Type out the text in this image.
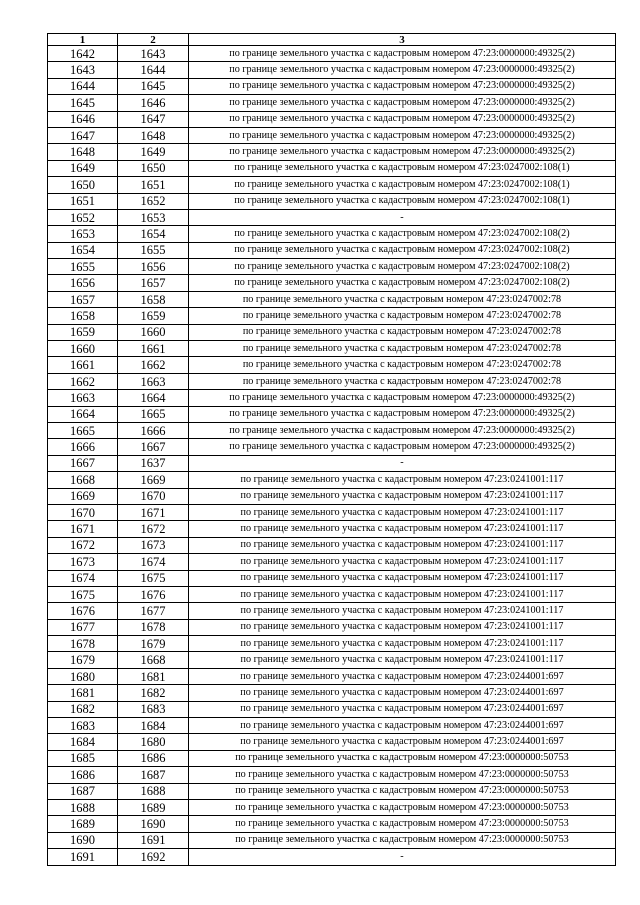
1	2	3
1642	1643	по границе земельного участка с кадастровым номером 47:23:0000000:49325(2)
1643	1644	по границе земельного участка с кадастровым номером 47:23:0000000:49325(2)
1644	1645	по границе земельного участка с кадастровым номером 47:23:0000000:49325(2)
1645	1646	по границе земельного участка с кадастровым номером 47:23:0000000:49325(2)
1646	1647	по границе земельного участка с кадастровым номером 47:23:0000000:49325(2)
1647	1648	по границе земельного участка с кадастровым номером 47:23:0000000:49325(2)
1648	1649	по границе земельного участка с кадастровым номером 47:23:0000000:49325(2)
1649	1650	по границе земельного участка с кадастровым номером 47:23:0247002:108(1)
1650	1651	по границе земельного участка с кадастровым номером 47:23:0247002:108(1)
1651	1652	по границе земельного участка с кадастровым номером 47:23:0247002:108(1)
1652	1653	-
1653	1654	по границе земельного участка с кадастровым номером 47:23:0247002:108(2)
1654	1655	по границе земельного участка с кадастровым номером 47:23:0247002:108(2)
1655	1656	по границе земельного участка с кадастровым номером 47:23:0247002:108(2)
1656	1657	по границе земельного участка с кадастровым номером 47:23:0247002:108(2)
1657	1658	по границе земельного участка с кадастровым номером 47:23:0247002:78
1658	1659	по границе земельного участка с кадастровым номером 47:23:0247002:78
1659	1660	по границе земельного участка с кадастровым номером 47:23:0247002:78
1660	1661	по границе земельного участка с кадастровым номером 47:23:0247002:78
1661	1662	по границе земельного участка с кадастровым номером 47:23:0247002:78
1662	1663	по границе земельного участка с кадастровым номером 47:23:0247002:78
1663	1664	по границе земельного участка с кадастровым номером 47:23:0000000:49325(2)
1664	1665	по границе земельного участка с кадастровым номером 47:23:0000000:49325(2)
1665	1666	по границе земельного участка с кадастровым номером 47:23:0000000:49325(2)
1666	1667	по границе земельного участка с кадастровым номером 47:23:0000000:49325(2)
1667	1637	-
1668	1669	по границе земельного участка с кадастровым номером 47:23:0241001:117
1669	1670	по границе земельного участка с кадастровым номером 47:23:0241001:117
1670	1671	по границе земельного участка с кадастровым номером 47:23:0241001:117
1671	1672	по границе земельного участка с кадастровым номером 47:23:0241001:117
1672	1673	по границе земельного участка с кадастровым номером 47:23:0241001:117
1673	1674	по границе земельного участка с кадастровым номером 47:23:0241001:117
1674	1675	по границе земельного участка с кадастровым номером 47:23:0241001:117
1675	1676	по границе земельного участка с кадастровым номером 47:23:0241001:117
1676	1677	по границе земельного участка с кадастровым номером 47:23:0241001:117
1677	1678	по границе земельного участка с кадастровым номером 47:23:0241001:117
1678	1679	по границе земельного участка с кадастровым номером 47:23:0241001:117
1679	1668	по границе земельного участка с кадастровым номером 47:23:0241001:117
1680	1681	по границе земельного участка с кадастровым номером 47:23:0244001:697
1681	1682	по границе земельного участка с кадастровым номером 47:23:0244001:697
1682	1683	по границе земельного участка с кадастровым номером 47:23:0244001:697
1683	1684	по границе земельного участка с кадастровым номером 47:23:0244001:697
1684	1680	по границе земельного участка с кадастровым номером 47:23:0244001:697
1685	1686	по границе земельного участка с кадастровым номером 47:23:0000000:50753
1686	1687	по границе земельного участка с кадастровым номером 47:23:0000000:50753
1687	1688	по границе земельного участка с кадастровым номером 47:23:0000000:50753
1688	1689	по границе земельного участка с кадастровым номером 47:23:0000000:50753
1689	1690	по границе земельного участка с кадастровым номером 47:23:0000000:50753
1690	1691	по границе земельного участка с кадастровым номером 47:23:0000000:50753
1691	1692	-
